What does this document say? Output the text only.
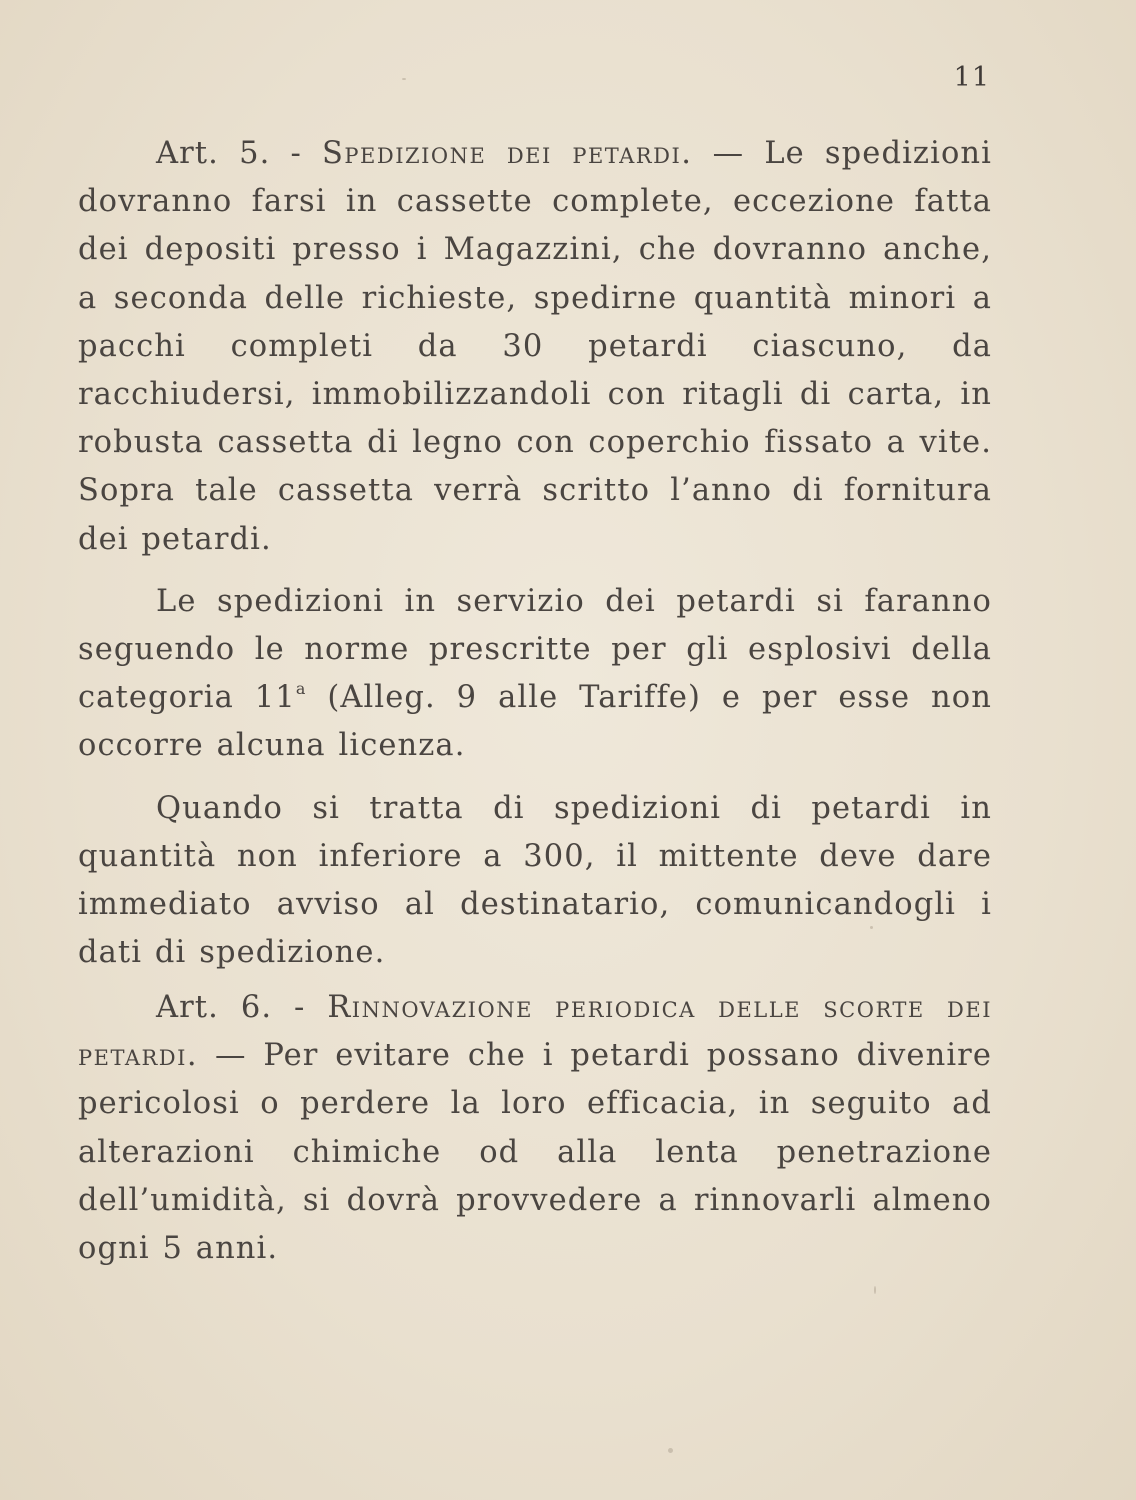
11

Art. 5. - Spedizione dei petardi. — Le spedizioni dovranno farsi in cassette complete, eccezione fatta dei depositi presso i Magazzini, che dovranno anche, a seconda delle richieste, spedirne quantità minori a pacchi completi da 30 petardi ciascuno, da racchiudersi, immobilizzandoli con ritagli di carta, in robusta cassetta di legno con coperchio fissato a vite. Sopra tale cassetta verrà scritto l’anno di fornitura dei petardi.

Le spedizioni in servizio dei petardi si faranno seguendo le norme prescritte per gli esplosivi della categoria 11$^a$ (Alleg. 9 alle Tariffe) e per esse non occorre alcuna licenza.

Quando si tratta di spedizioni di petardi in quantità non inferiore a 300, il mittente deve dare immediato avviso al destinatario, comunicandogli i dati di spedizione.

Art. 6. - Rinnovazione periodica delle scorte dei petardi. — Per evitare che i petardi possano divenire pericolosi o perdere la loro efficacia, in seguito ad alterazioni chimiche od alla lenta penetrazione dell’umidità, si dovrà provvedere a rinnovarli almeno ogni 5 anni.
